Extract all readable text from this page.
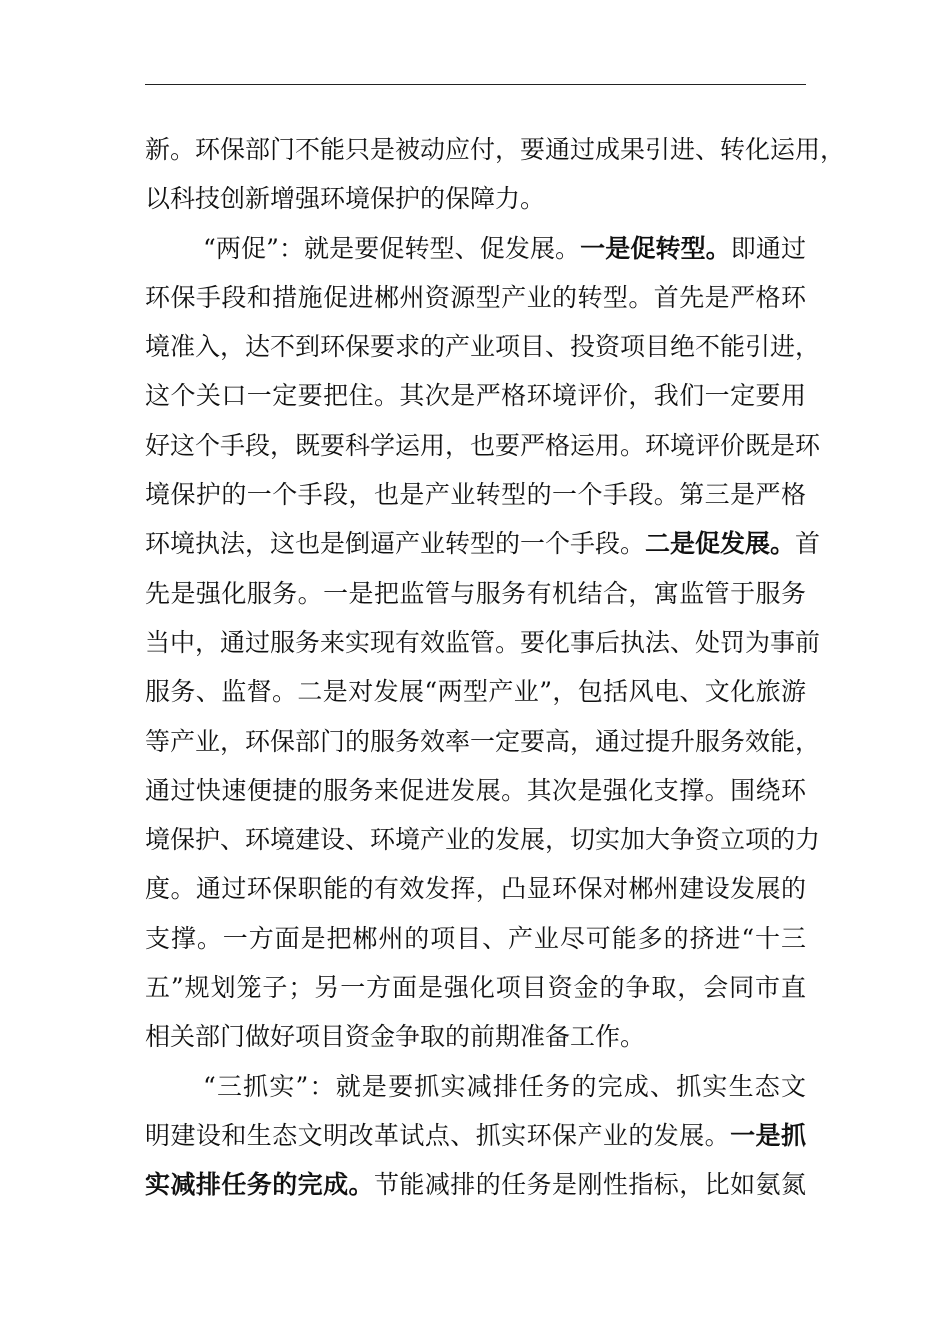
新。环保部门不能只是被动应付，要通过成果引进、转化运用，
以科技创新增强环境保护的保障力。
“两促”：就是要促转型、促发展。一是促转型。即通过
环保手段和措施促进郴州资源型产业的转型。首先是严格环
境准入，达不到环保要求的产业项目、投资项目绝不能引进，
这个关口一定要把住。其次是严格环境评价，我们一定要用
好这个手段，既要科学运用，也要严格运用。环境评价既是环
境保护的一个手段，也是产业转型的一个手段。第三是严格
环境执法，这也是倒逼产业转型的一个手段。二是促发展。首
先是强化服务。一是把监管与服务有机结合，寓监管于服务
当中，通过服务来实现有效监管。要化事后执法、处罚为事前
服务、监督。二是对发展“两型产业”，包括风电、文化旅游
等产业，环保部门的服务效率一定要高，通过提升服务效能，
通过快速便捷的服务来促进发展。其次是强化支撑。围绕环
境保护、环境建设、环境产业的发展，切实加大争资立项的力
度。通过环保职能的有效发挥，凸显环保对郴州建设发展的
支撑。一方面是把郴州的项目、产业尽可能多的挤进“十三
五”规划笼子；另一方面是强化项目资金的争取，会同市直
相关部门做好项目资金争取的前期准备工作。
“三抓实”：就是要抓实减排任务的完成、抓实生态文
明建设和生态文明改革试点、抓实环保产业的发展。一是抓
实减排任务的完成。节能减排的任务是刚性指标，比如氨氮
